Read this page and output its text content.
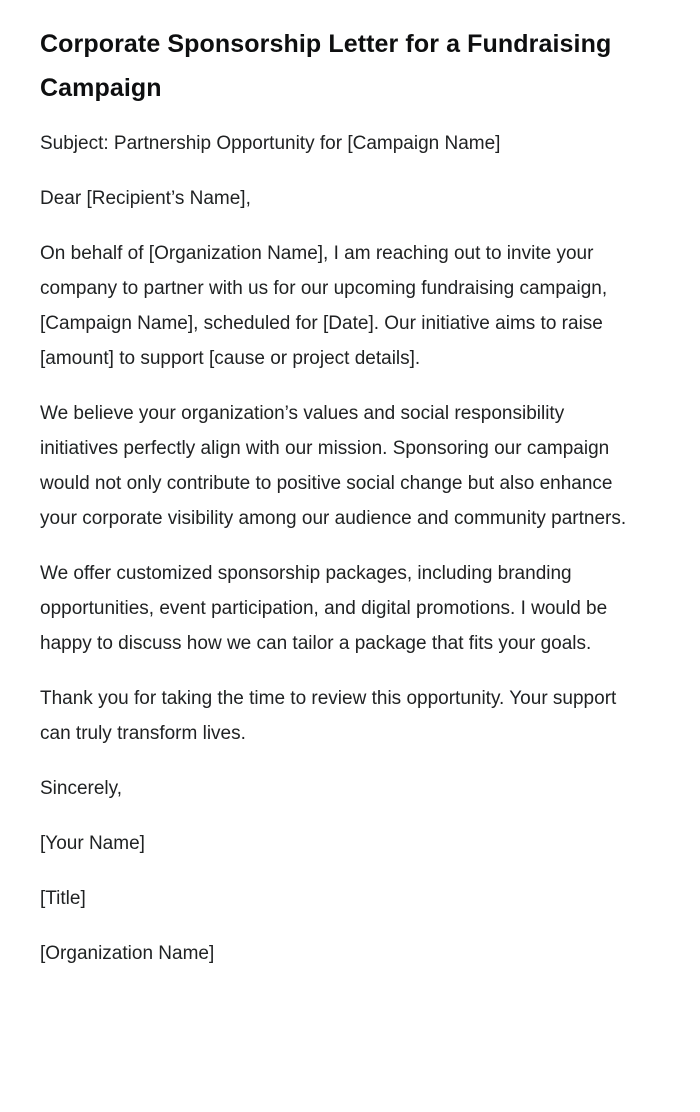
Corporate Sponsorship Letter for a Fundraising Campaign

Subject: Partnership Opportunity for [Campaign Name]

Dear [Recipient’s Name],

On behalf of [Organization Name], I am reaching out to invite your company to partner with us for our upcoming fundraising campaign, [Campaign Name], scheduled for [Date]. Our initiative aims to raise [amount] to support [cause or project details].

We believe your organization’s values and social responsibility initiatives perfectly align with our mission. Sponsoring our campaign would not only contribute to positive social change but also enhance your corporate visibility among our audience and community partners.

We offer customized sponsorship packages, including branding opportunities, event participation, and digital promotions. I would be happy to discuss how we can tailor a package that fits your goals.

Thank you for taking the time to review this opportunity. Your support can truly transform lives.

Sincerely,

[Your Name]

[Title]

[Organization Name]
